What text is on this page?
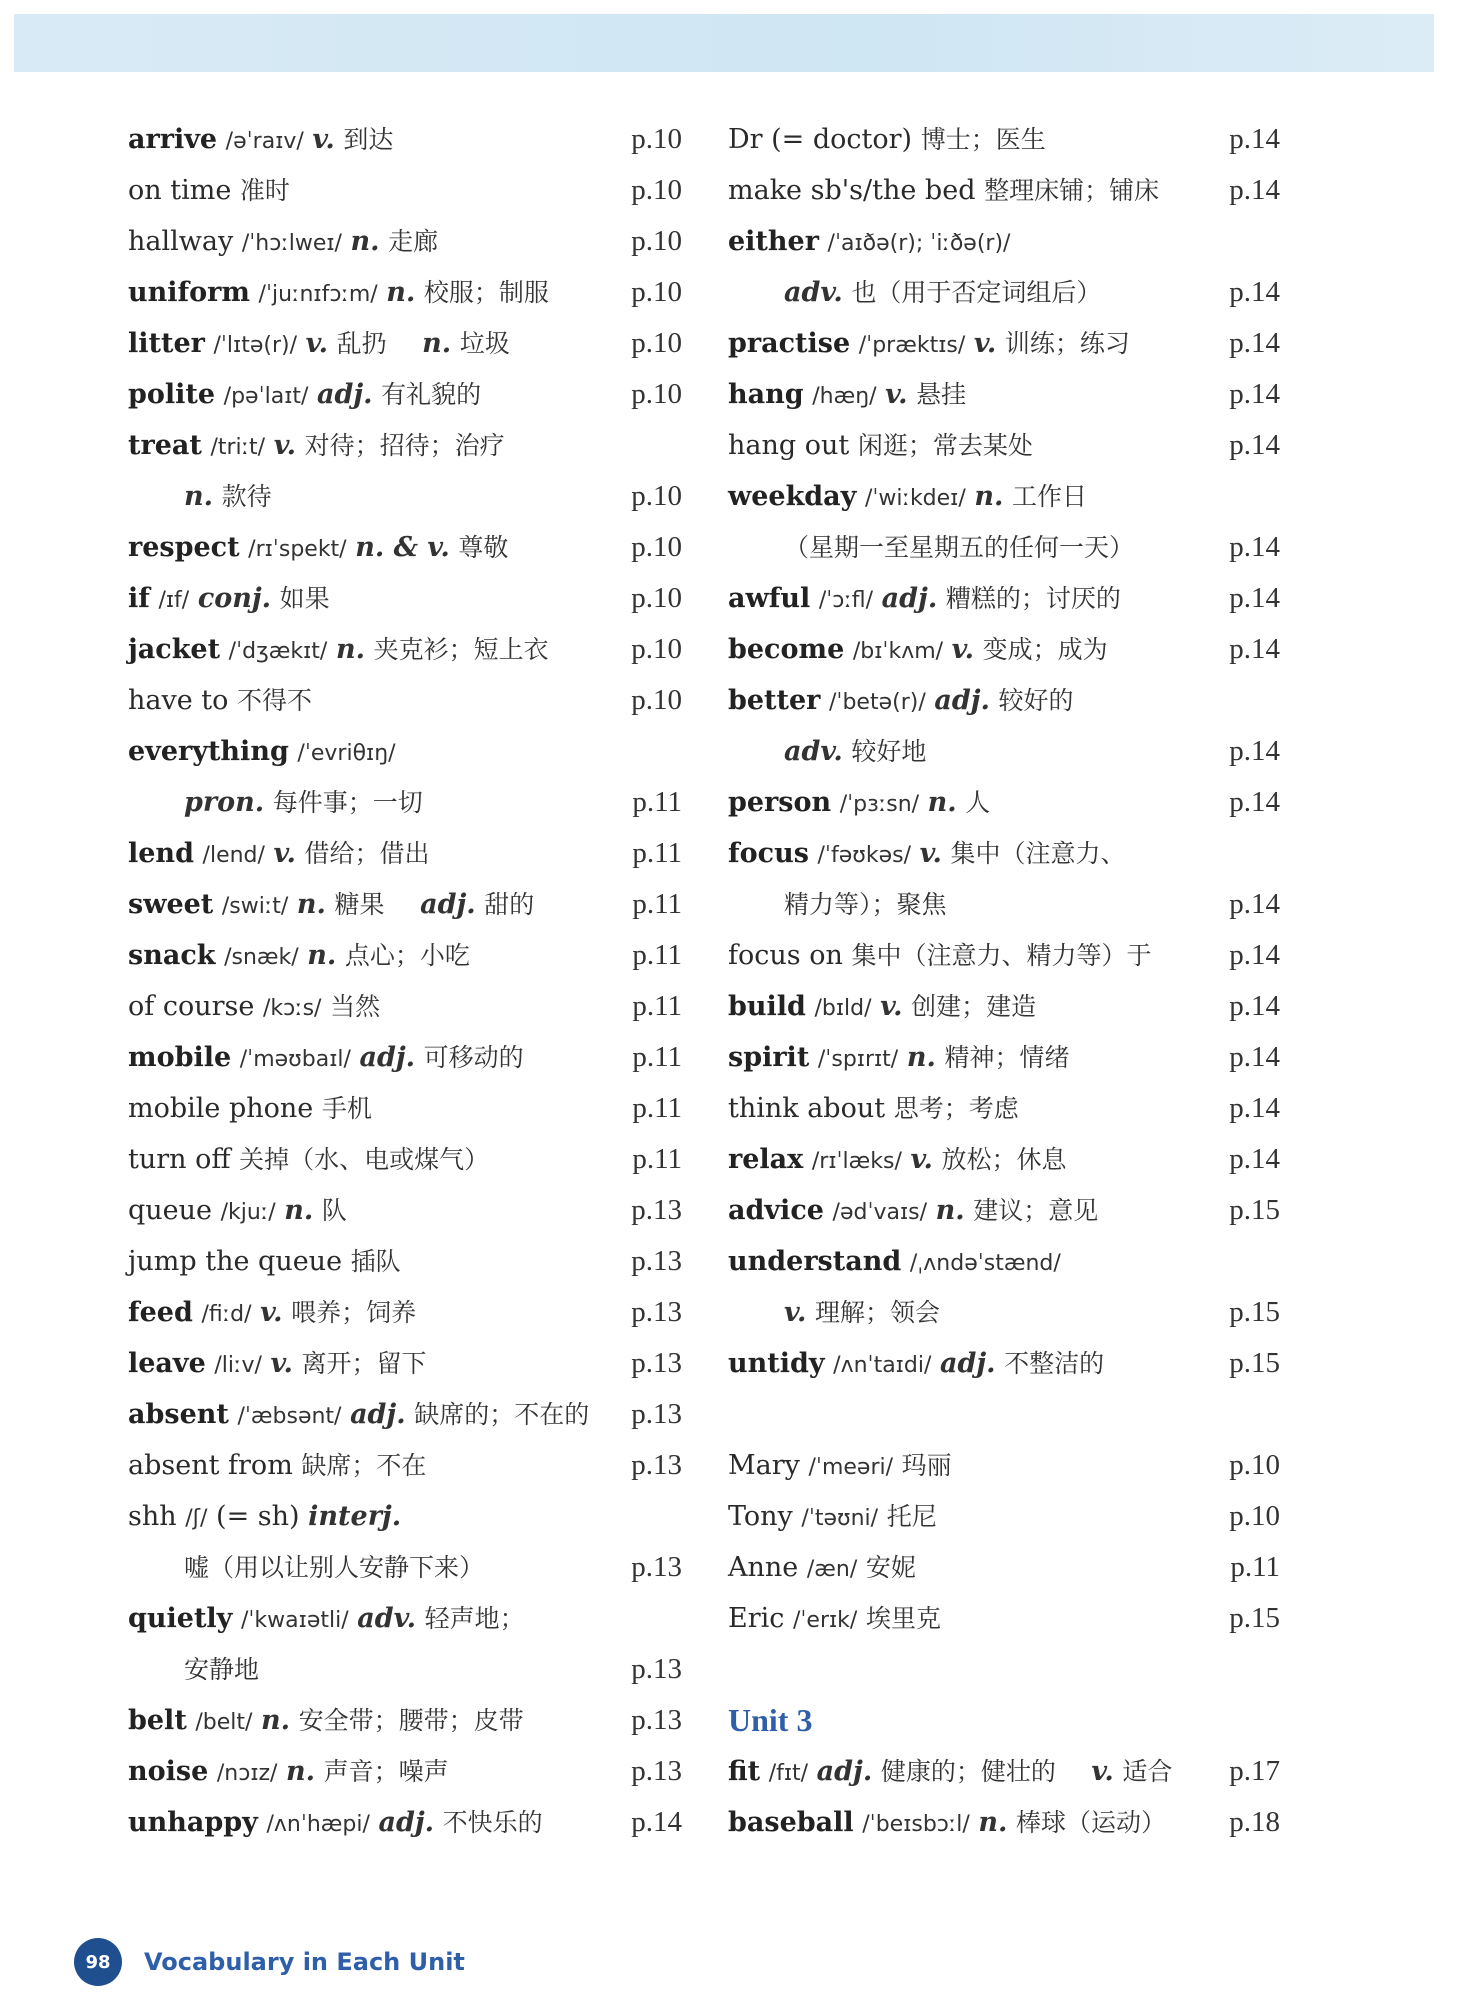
arrive /əˈraɪv/ v. 到达	p.10
on time 准时	p.10
hallway /ˈhɔːlweɪ/ n. 走廊	p.10
uniform /ˈjuːnɪfɔːm/ n. 校服；制服	p.10
litter /ˈlɪtə(r)/ v. 乱扔  n. 垃圾	p.10
polite /pəˈlaɪt/ adj. 有礼貌的	p.10
treat /triːt/ v. 对待；招待；治疗
n. 款待	p.10
respect /rɪˈspekt/ n. & v. 尊敬	p.10
if /ɪf/ conj. 如果	p.10
jacket /ˈdʒækɪt/ n. 夹克衫；短上衣	p.10
have to 不得不	p.10
everything /ˈevriθɪŋ/
pron. 每件事；一切	p.11
lend /lend/ v. 借给；借出	p.11
sweet /swiːt/ n. 糖果  adj. 甜的	p.11
snack /snæk/ n. 点心；小吃	p.11
of course /kɔːs/ 当然	p.11
mobile /ˈməʊbaɪl/ adj. 可移动的	p.11
mobile phone 手机	p.11
turn off 关掉（水、电或煤气）	p.11
queue /kjuː/ n. 队	p.13
jump the queue 插队	p.13
feed /fiːd/ v. 喂养；饲养	p.13
leave /liːv/ v. 离开；留下	p.13
absent /ˈæbsənt/ adj. 缺席的；不在的 p.13
absent from 缺席；不在	p.13
shh /ʃ/ (= sh) interj.
嘘（用以让别人安静下来）	p.13
quietly /ˈkwaɪətli/ adv. 轻声地；
安静地	p.13
belt /belt/ n. 安全带；腰带；皮带	p.13
noise /nɔɪz/ n. 声音；噪声	p.13
unhappy /ʌnˈhæpi/ adj. 不快乐的	p.14
Dr (= doctor) 博士；医生	p.14
make sb's/the bed 整理床铺；铺床 p.14
either /ˈaɪðə(r); ˈiːðə(r)/
adv. 也（用于否定词组后）	p.14
practise /ˈpræktɪs/ v. 训练；练习	p.14
hang /hæŋ/ v. 悬挂	p.14
hang out 闲逛；常去某处	p.14
weekday /ˈwiːkdeɪ/ n. 工作日
（星期一至星期五的任何一天）	p.14
awful /ˈɔːfl/ adj. 糟糕的；讨厌的	p.14
become /bɪˈkʌm/ v. 变成；成为	p.14
better /ˈbetə(r)/ adj. 较好的
adv. 较好地	p.14
person /ˈpɜːsn/ n. 人	p.14
focus /ˈfəʊkəs/ v. 集中（注意力、
精力等）；聚焦	p.14
focus on 集中（注意力、精力等）于	p.14
build /bɪld/ v. 创建；建造	p.14
spirit /ˈspɪrɪt/ n. 精神；情绪	p.14
think about 思考；考虑	p.14
relax /rɪˈlæks/ v. 放松；休息	p.14
advice /ədˈvaɪs/ n. 建议；意见	p.15
understand /ˌʌndəˈstænd/
v. 理解；领会	p.15
untidy /ʌnˈtaɪdi/ adj. 不整洁的	p.15
Mary /ˈmeəri/ 玛丽	p.10
Tony /ˈtəʊni/ 托尼	p.10
Anne /æn/ 安妮	p.11
Eric /ˈerɪk/ 埃里克	p.15
Unit 3
fit /fɪt/ adj. 健康的；健壮的  v. 适合 p.17
baseball /ˈbeɪsbɔːl/ n. 棒球（运动） p.18
98	Vocabulary in Each Unit
